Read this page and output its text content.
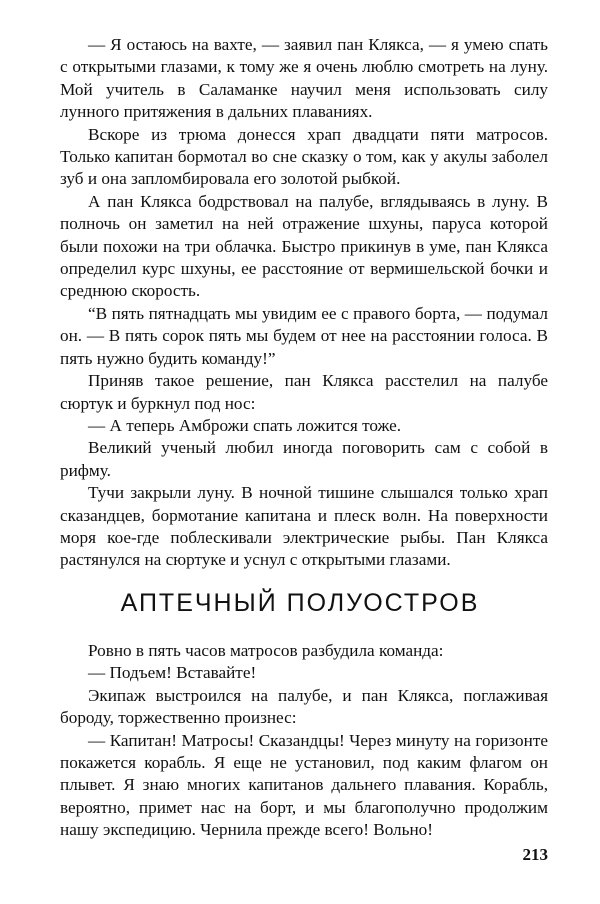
— Я остаюсь на вахте, — заявил пан Клякса, — я умею спать с открытыми глазами, к тому же я очень люблю смотреть на луну. Мой учитель в Саламанке научил меня использовать силу лунного притяжения в дальних плаваниях.

Вскоре из трюма донесся храп двадцати пяти матросов. Только капитан бормотал во сне сказку о том, как у акулы заболел зуб и она запломбировала его золотой рыбкой.

А пан Клякса бодрствовал на палубе, вглядываясь в луну. В полночь он заметил на ней отражение шхуны, паруса которой были похожи на три облачка. Быстро прикинув в уме, пан Клякса определил курс шхуны, ее расстояние от вермишельской бочки и среднюю скорость.

“В пять пятнадцать мы увидим ее с правого борта, — подумал он. — В пять сорок пять мы будем от нее на расстоянии голоса. В пять нужно будить команду!”

Приняв такое решение, пан Клякса расстелил на палубе сюртук и буркнул под нос:

— А теперь Амброжи спать ложится тоже.

Великий ученый любил иногда поговорить сам с собой в рифму.

Тучи закрыли луну. В ночной тишине слышался только храп сказандцев, бормотание капитана и плеск волн. На поверхности моря кое-где поблескивали электрические рыбы. Пан Клякса растянулся на сюртуке и уснул с открытыми глазами.

АПТЕЧНЫЙ ПОЛУОСТРОВ

Ровно в пять часов матросов разбудила команда:

— Подъем! Вставайте!

Экипаж выстроился на палубе, и пан Клякса, поглаживая бороду, торжественно произнес:

— Капитан! Матросы! Сказандцы! Через минуту на горизонте покажется корабль. Я еще не установил, под каким флагом он плывет. Я знаю многих капитанов дальнего плавания. Корабль, вероятно, примет нас на борт, и мы благополучно продолжим нашу экспедицию. Чернила прежде всего! Вольно!

213
